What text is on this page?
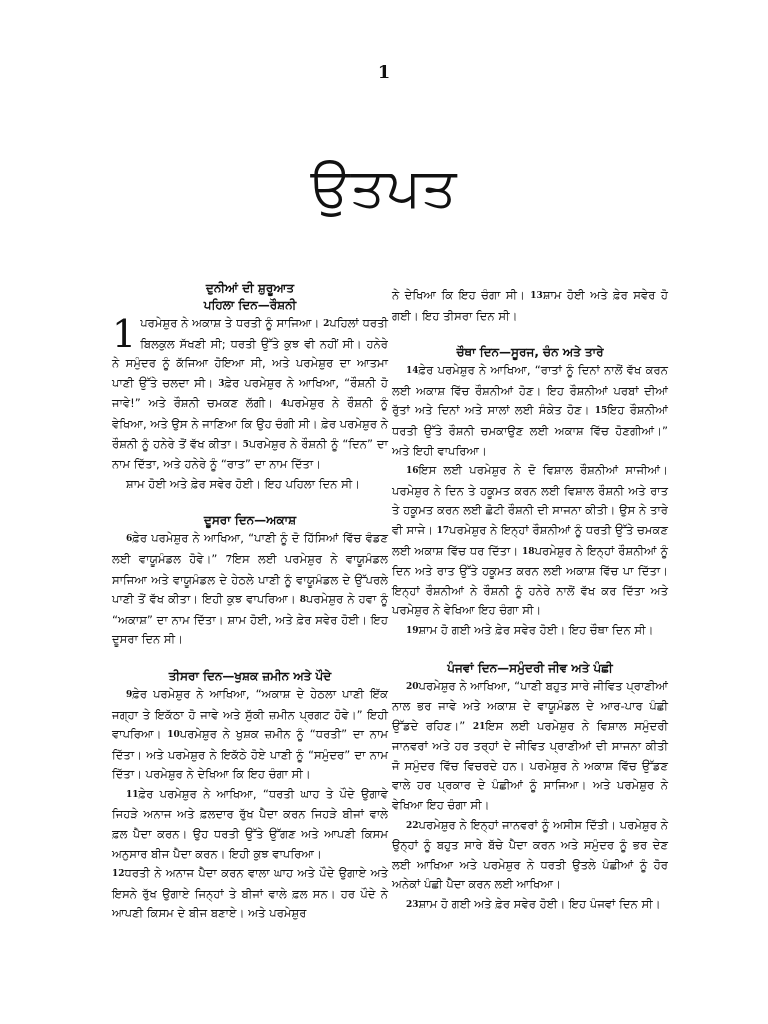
1
ਉਤਪਤ

ਦੁਨੀਆਂ ਦੀ ਸ਼ੁਰੂਆਤ

ਪਹਿਲਾ ਦਿਨ—ਰੌਸ਼ਨੀ

1 ਪਰਮੇਸ਼ੁਰ ਨੇ ਅਕਾਸ਼ ਤੇ ਧਰਤੀ ਨੂੰ ਸਾਜਿਆ। 2ਪਹਿਲਾਂ ਧਰਤੀ ਬਿਲਕੁਲ ਸੱਖਣੀ ਸੀ; ਧਰਤੀ ਉੱਤੇ ਕੁਝ ਵੀ ਨਹੀਂ ਸੀ। ਹਨੇਰੇ ਨੇ ਸਮੁੰਦਰ ਨੂੰ ਕੱਜਿਆ ਹੋਇਆ ਸੀ, ਅਤੇ ਪਰਮੇਸ਼ੁਰ ਦਾ ਆਤਮਾ ਪਾਣੀ ਉੱਤੇ ਚਲਦਾ ਸੀ। 3ਫ਼ੇਰ ਪਰਮੇਸ਼ੁਰ ਨੇ ਆਖਿਆ, “ਰੌਸ਼ਨੀ ਹੋ ਜਾਵੇ!” ਅਤੇ ਰੌਸ਼ਨੀ ਚਮਕਣ ਲੱਗੀ। 4ਪਰਮੇਸ਼ੁਰ ਨੇ ਰੌਸ਼ਨੀ ਨੂੰ ਵੇਖਿਆ, ਅਤੇ ਉਸ ਨੇ ਜਾਣਿਆ ਕਿ ਉਹ ਚੰਗੀ ਸੀ। ਫ਼ੇਰ ਪਰਮੇਸ਼ੁਰ ਨੇ ਰੌਸ਼ਨੀ ਨੂੰ ਹਨੇਰੇ ਤੋਂ ਵੱਖ ਕੀਤਾ। 5ਪਰਮੇਸ਼ੁਰ ਨੇ ਰੌਸ਼ਨੀ ਨੂੰ “ਦਿਨ” ਦਾ ਨਾਮ ਦਿੱਤਾ, ਅਤੇ ਹਨੇਰੇ ਨੂੰ “ਰਾਤ” ਦਾ ਨਾਮ ਦਿੱਤਾ।

ਸ਼ਾਮ ਹੋਈ ਅਤੇ ਫ਼ੇਰ ਸਵੇਰ ਹੋਈ। ਇਹ ਪਹਿਲਾ ਦਿਨ ਸੀ।

ਦੂਸਰਾ ਦਿਨ—ਅਕਾਸ਼

6ਫ਼ੇਰ ਪਰਮੇਸ਼ੁਰ ਨੇ ਆਖਿਆ, “ਪਾਣੀ ਨੂੰ ਦੋ ਹਿੱਸਿਆਂ ਵਿੱਚ ਵੰਡਣ ਲਈ ਵਾਯੂਮੰਡਲ ਹੋਵੇ।” 7ਇਸ ਲਈ ਪਰਮੇਸ਼ੁਰ ਨੇ ਵਾਯੂਮੰਡਲ ਸਾਜਿਆ ਅਤੇ ਵਾਯੂਮੰਡਲ ਦੇ ਹੇਠਲੇ ਪਾਣੀ ਨੂੰ ਵਾਯੂਮੰਡਲ ਦੇ ਉੱਪਰਲੇ ਪਾਣੀ ਤੋਂ ਵੱਖ ਕੀਤਾ। ਇਹੀ ਕੁਝ ਵਾਪਰਿਆ। 8ਪਰਮੇਸ਼ੁਰ ਨੇ ਹਵਾ ਨੂੰ “ਅਕਾਸ਼” ਦਾ ਨਾਮ ਦਿੱਤਾ। ਸ਼ਾਮ ਹੋਈ, ਅਤੇ ਫ਼ੇਰ ਸਵੇਰ ਹੋਈ। ਇਹ ਦੂਸਰਾ ਦਿਨ ਸੀ।

ਤੀਸਰਾ ਦਿਨ—ਖੁਸ਼ਕ ਜ਼ਮੀਨ ਅਤੇ ਪੌਦੇ

9ਫ਼ੇਰ ਪਰਮੇਸ਼ੁਰ ਨੇ ਆਖਿਆ, “ਅਕਾਸ਼ ਦੇ ਹੇਠਲਾ ਪਾਣੀ ਇੱਕ ਜਗ੍ਹਾ ਤੇ ਇਕੱਠਾ ਹੋ ਜਾਵੇ ਅਤੇ ਸੁੱਕੀ ਜ਼ਮੀਨ ਪ੍ਰਗਟ ਹੋਵੇ।” ਇਹੀ ਵਾਪਰਿਆ। 10ਪਰਮੇਸ਼ੁਰ ਨੇ ਖੁਸ਼ਕ ਜ਼ਮੀਨ ਨੂੰ “ਧਰਤੀ” ਦਾ ਨਾਮ ਦਿੱਤਾ। ਅਤੇ ਪਰਮੇਸ਼ੁਰ ਨੇ ਇਕੱਠੇ ਹੋਏ ਪਾਣੀ ਨੂੰ “ਸਮੁੰਦਰ” ਦਾ ਨਾਮ ਦਿੱਤਾ। ਪਰਮੇਸ਼ੁਰ ਨੇ ਦੇਖਿਆ ਕਿ ਇਹ ਚੰਗਾ ਸੀ।

11ਫ਼ੇਰ ਪਰਮੇਸ਼ੁਰ ਨੇ ਆਖਿਆ, “ਧਰਤੀ ਘਾਹ ਤੇ ਪੌਦੇ ਉਗਾਵੇ ਜਿਹੜੇ ਅਨਾਜ ਅਤੇ ਫ਼ਲਦਾਰ ਰੁੱਖ ਪੈਦਾ ਕਰਨ ਜਿਹੜੇ ਬੀਜਾਂ ਵਾਲੇ ਫ਼ਲ ਪੈਦਾ ਕਰਨ। ਉਹ ਧਰਤੀ ਉੱਤੇ ਉੱਗਣ ਅਤੇ ਆਪਣੀ ਕਿਸਮ ਅਨੁਸਾਰ ਬੀਜ ਪੈਦਾ ਕਰਨ। ਇਹੀ ਕੁਝ ਵਾਪਰਿਆ।

12ਧਰਤੀ ਨੇ ਅਨਾਜ ਪੈਦਾ ਕਰਨ ਵਾਲਾ ਘਾਹ ਅਤੇ ਪੌਦੇ ਉਗਾਏ ਅਤੇ ਇਸਨੇ ਰੁੱਖ ਉਗਾਏ ਜਿਨ੍ਹਾਂ ਤੇ ਬੀਜਾਂ ਵਾਲੇ ਫ਼ਲ ਸਨ। ਹਰ ਪੌਦੇ ਨੇ ਆਪਣੀ ਕਿਸਮ ਦੇ ਬੀਜ ਬਣਾਏ। ਅਤੇ ਪਰਮੇਸ਼ੁਰ

ਨੇ ਦੇਖਿਆ ਕਿ ਇਹ ਚੰਗਾ ਸੀ। 13ਸ਼ਾਮ ਹੋਈ ਅਤੇ ਫ਼ੇਰ ਸਵੇਰ ਹੋ ਗਈ। ਇਹ ਤੀਸਰਾ ਦਿਨ ਸੀ।

ਚੌਥਾ ਦਿਨ—ਸੂਰਜ, ਚੰਨ ਅਤੇ ਤਾਰੇ

14ਫ਼ੇਰ ਪਰਮੇਸ਼ੁਰ ਨੇ ਆਖਿਆ, “ਰਾਤਾਂ ਨੂੰ ਦਿਨਾਂ ਨਾਲੋਂ ਵੱਖ ਕਰਨ ਲਈ ਅਕਾਸ਼ ਵਿੱਚ ਰੌਸ਼ਨੀਆਂ ਹੋਣ। ਇਹ ਰੌਸ਼ਨੀਆਂ ਪਰਬਾਂ ਦੀਆਂ ਰੁੱਤਾਂ ਅਤੇ ਦਿਨਾਂ ਅਤੇ ਸਾਲਾਂ ਲਈ ਸੰਕੇਤ ਹੋਣ। 15ਇਹ ਰੌਸ਼ਨੀਆਂ ਧਰਤੀ ਉੱਤੇ ਰੌਸ਼ਨੀ ਚਮਕਾਉਣ ਲਈ ਅਕਾਸ਼ ਵਿੱਚ ਹੋਣਗੀਆਂ।” ਅਤੇ ਇਹੀ ਵਾਪਰਿਆ।

16ਇਸ ਲਈ ਪਰਮੇਸ਼ੁਰ ਨੇ ਦੋ ਵਿਸ਼ਾਲ ਰੌਸ਼ਨੀਆਂ ਸਾਜੀਆਂ। ਪਰਮੇਸ਼ੁਰ ਨੇ ਦਿਨ ਤੇ ਹਕੂਮਤ ਕਰਨ ਲਈ ਵਿਸ਼ਾਲ ਰੌਸ਼ਨੀ ਅਤੇ ਰਾਤ ਤੇ ਹਕੂਮਤ ਕਰਨ ਲਈ ਛੋਟੀ ਰੌਸ਼ਨੀ ਦੀ ਸਾਜਨਾ ਕੀਤੀ। ਉਸ ਨੇ ਤਾਰੇ ਵੀ ਸਾਜੇ। 17ਪਰਮੇਸ਼ੁਰ ਨੇ ਇਨ੍ਹਾਂ ਰੌਸ਼ਨੀਆਂ ਨੂੰ ਧਰਤੀ ਉੱਤੇ ਚਮਕਣ ਲਈ ਅਕਾਸ਼ ਵਿੱਚ ਧਰ ਦਿੱਤਾ। 18ਪਰਮੇਸ਼ੁਰ ਨੇ ਇਨ੍ਹਾਂ ਰੌਸ਼ਨੀਆਂ ਨੂੰ ਦਿਨ ਅਤੇ ਰਾਤ ਉੱਤੇ ਹਕੂਮਤ ਕਰਨ ਲਈ ਅਕਾਸ਼ ਵਿੱਚ ਪਾ ਦਿੱਤਾ। ਇਨ੍ਹਾਂ ਰੌਸ਼ਨੀਆਂ ਨੇ ਰੌਸ਼ਨੀ ਨੂੰ ਹਨੇਰੇ ਨਾਲੋਂ ਵੱਖ ਕਰ ਦਿੱਤਾ ਅਤੇ ਪਰਮੇਸ਼ੁਰ ਨੇ ਵੇਖਿਆ ਇਹ ਚੰਗਾ ਸੀ।

19ਸ਼ਾਮ ਹੋ ਗਈ ਅਤੇ ਫ਼ੇਰ ਸਵੇਰ ਹੋਈ। ਇਹ ਚੌਥਾ ਦਿਨ ਸੀ।

ਪੰਜਵਾਂ ਦਿਨ—ਸਮੁੰਦਰੀ ਜੀਵ ਅਤੇ ਪੰਛੀ

20ਪਰਮੇਸ਼ੁਰ ਨੇ ਆਖਿਆ, “ਪਾਣੀ ਬਹੁਤ ਸਾਰੇ ਜੀਵਿਤ ਪ੍ਰਾਣੀਆਂ ਨਾਲ ਭਰ ਜਾਵੇ ਅਤੇ ਅਕਾਸ਼ ਦੇ ਵਾਯੂਮੰਡਲ ਦੇ ਆਰ-ਪਾਰ ਪੰਛੀ ਉੱਡਦੇ ਰਹਿਣ।” 21ਇਸ ਲਈ ਪਰਮੇਸ਼ੁਰ ਨੇ ਵਿਸ਼ਾਲ ਸਮੁੰਦਰੀ ਜਾਨਵਰਾਂ ਅਤੇ ਹਰ ਤਰ੍ਹਾਂ ਦੇ ਜੀਵਿਤ ਪ੍ਰਾਣੀਆਂ ਦੀ ਸਾਜਨਾ ਕੀਤੀ ਜੋ ਸਮੁੰਦਰ ਵਿੱਚ ਵਿਚਰਦੇ ਹਨ। ਪਰਮੇਸ਼ੁਰ ਨੇ ਅਕਾਸ਼ ਵਿੱਚ ਉੱਡਣ ਵਾਲੇ ਹਰ ਪ੍ਰਕਾਰ ਦੇ ਪੰਛੀਆਂ ਨੂੰ ਸਾਜਿਆ। ਅਤੇ ਪਰਮੇਸ਼ੁਰ ਨੇ ਵੇਖਿਆ ਇਹ ਚੰਗਾ ਸੀ।

22ਪਰਮੇਸ਼ੁਰ ਨੇ ਇਨ੍ਹਾਂ ਜਾਨਵਰਾਂ ਨੂੰ ਅਸੀਸ ਦਿੱਤੀ। ਪਰਮੇਸ਼ੁਰ ਨੇ ਉਨ੍ਹਾਂ ਨੂੰ ਬਹੁਤ ਸਾਰੇ ਬੱਚੇ ਪੈਦਾ ਕਰਨ ਅਤੇ ਸਮੁੰਦਰ ਨੂੰ ਭਰ ਦੇਣ ਲਈ ਆਖਿਆ ਅਤੇ ਪਰਮੇਸ਼ੁਰ ਨੇ ਧਰਤੀ ਉਤਲੇ ਪੰਛੀਆਂ ਨੂੰ ਹੋਰ ਅਨੇਕਾਂ ਪੰਛੀ ਪੈਦਾ ਕਰਨ ਲਈ ਆਖਿਆ।

23ਸ਼ਾਮ ਹੋ ਗਈ ਅਤੇ ਫ਼ੇਰ ਸਵੇਰ ਹੋਈ। ਇਹ ਪੰਜਵਾਂ ਦਿਨ ਸੀ।
